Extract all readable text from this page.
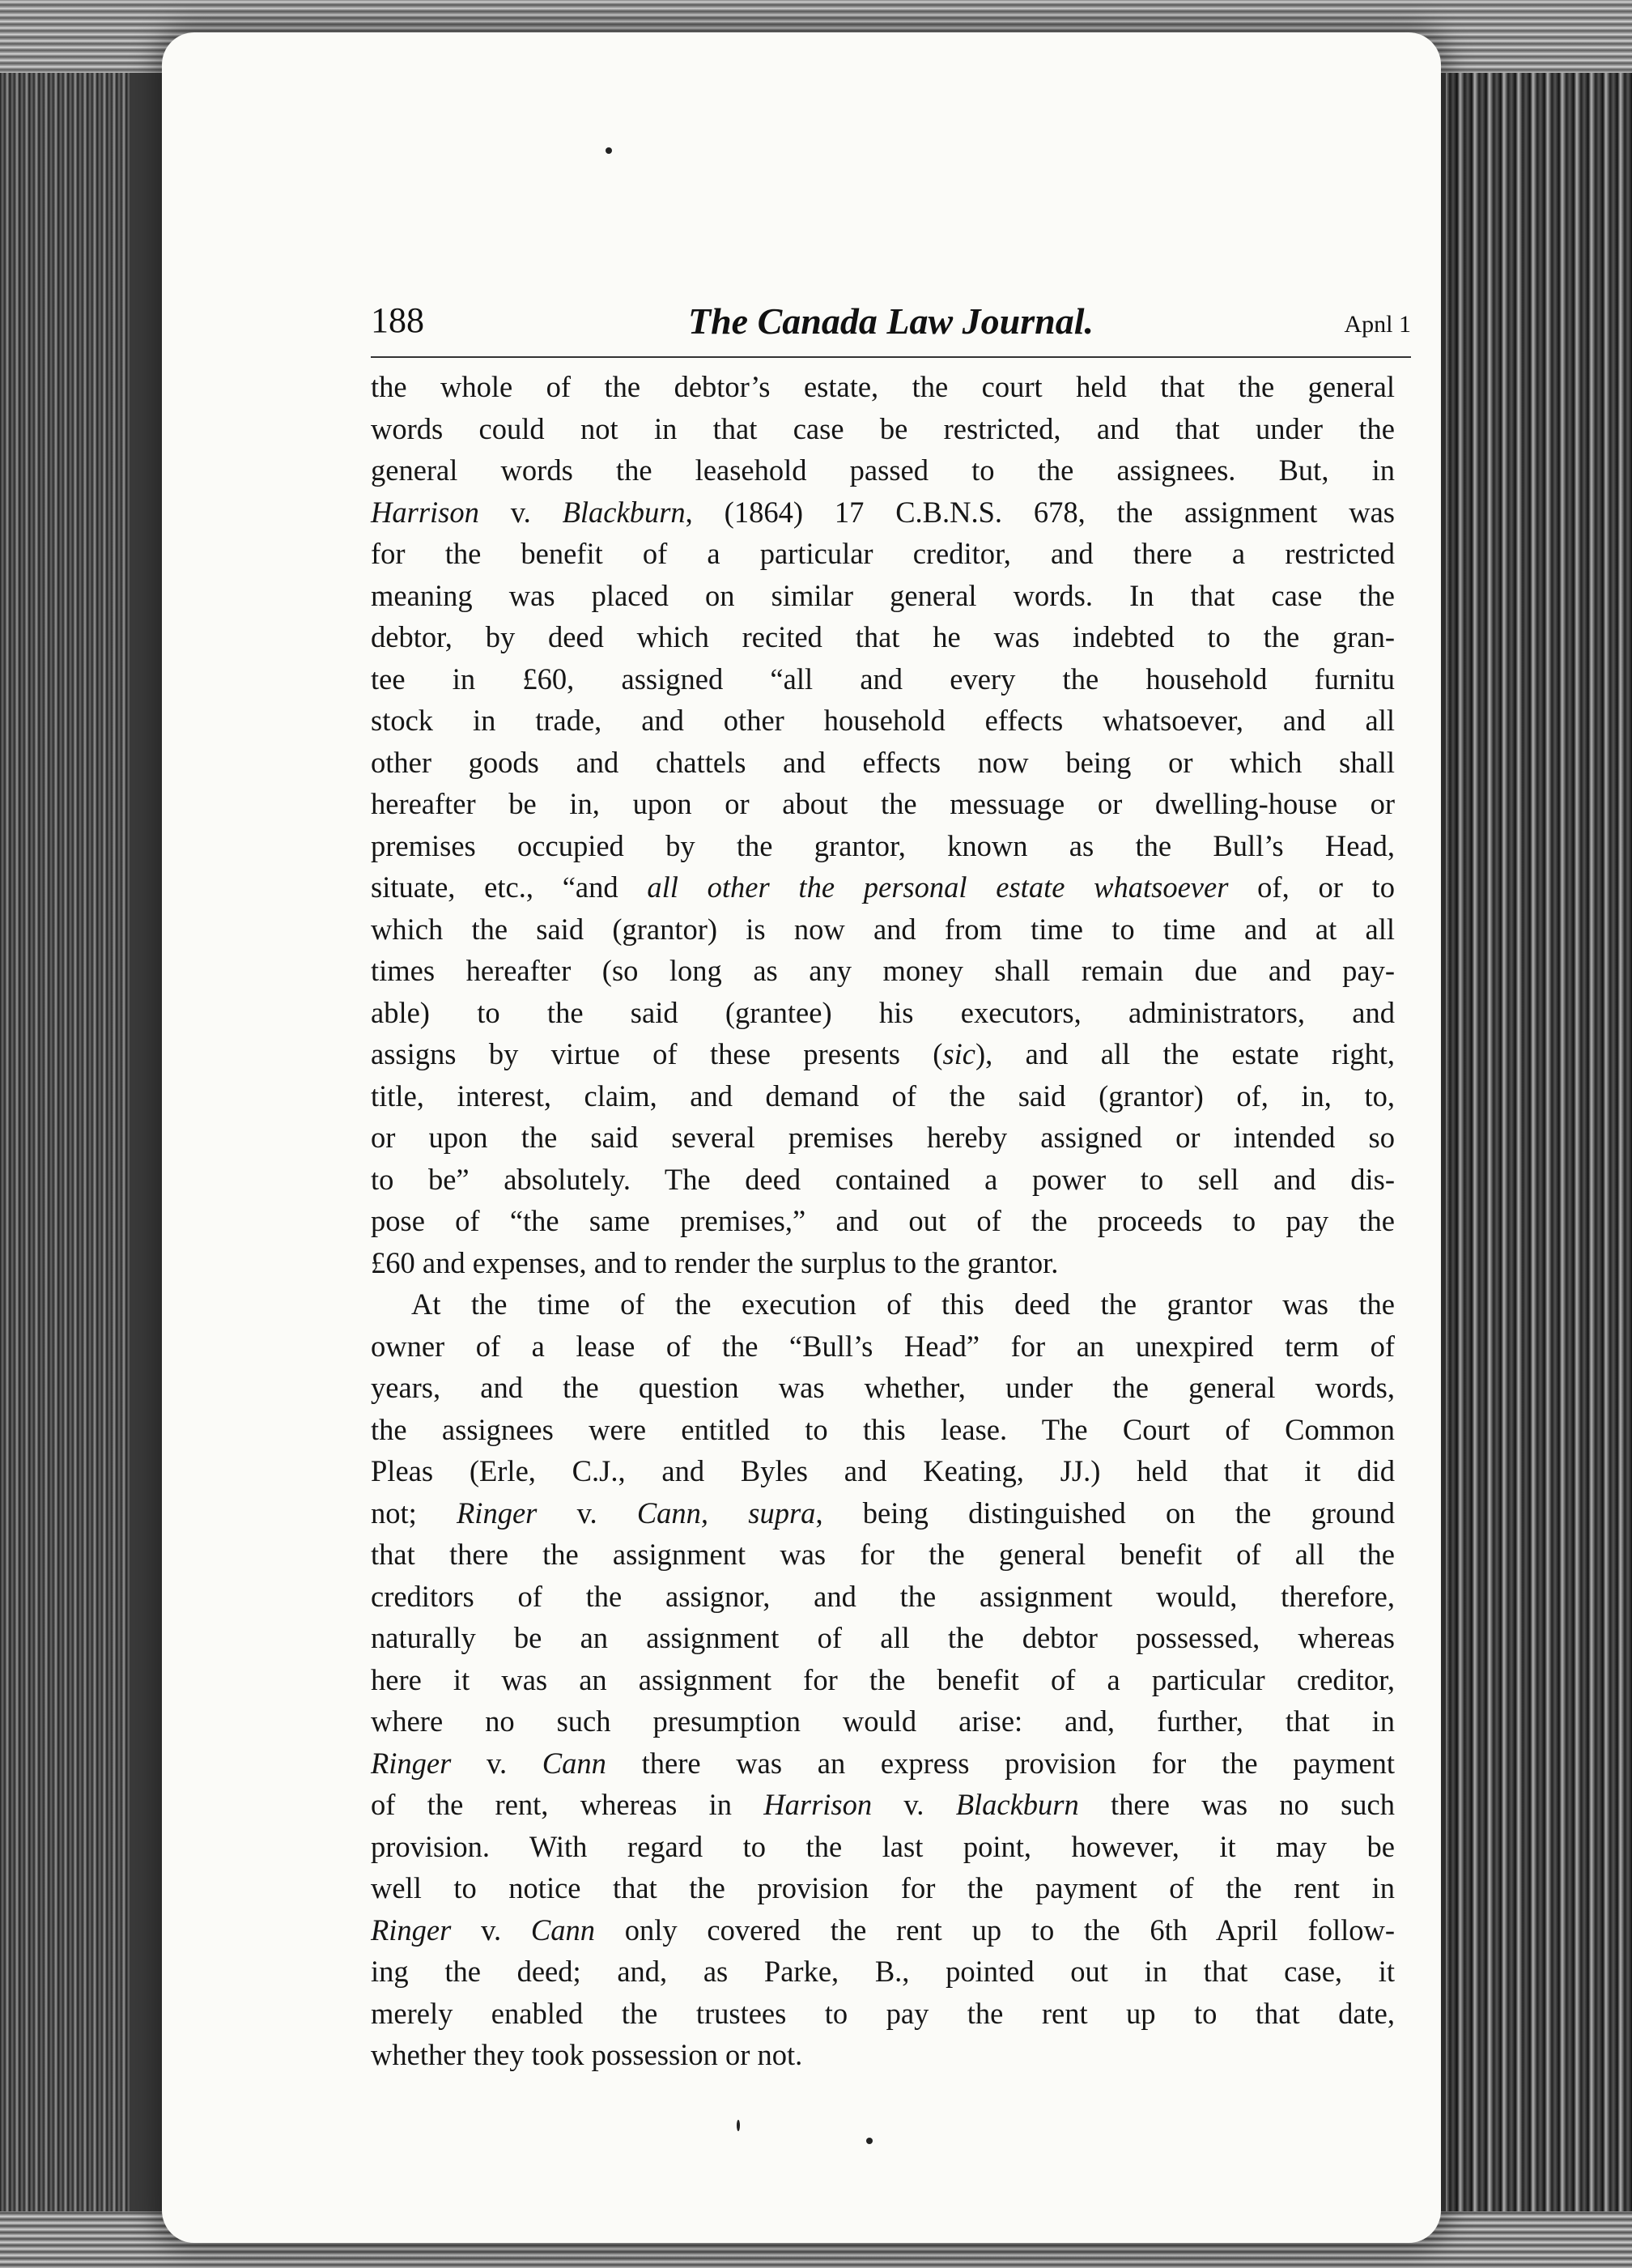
188	The Canada Law Journal.	Apnl 1
the whole of the debtor’s estate, the court held that the general
words could not in that case be restricted, and that under the
general words the leasehold passed to the assignees. But, in
Harrison v. Blackburn, (1864) 17 C.B.N.S. 678, the assignment was
for the benefit of a particular creditor, and there a restricted
meaning was placed on similar general words. In that case the
debtor, by deed which recited that he was indebted to the gran-
tee in £60, assigned “all and every the household furnitu
stock in trade, and other household effects whatsoever, and all
other goods and chattels and effects now being or which shall
hereafter be in, upon or about the messuage or dwelling-house or
premises occupied by the grantor, known as the Bull’s Head,
situate, etc., “and all other the personal estate whatsoever of, or to
which the said (grantor) is now and from time to time and at all
times hereafter (so long as any money shall remain due and pay-
able) to the said (grantee) his executors, administrators, and
assigns by virtue of these presents (sic), and all the estate right,
title, interest, claim, and demand of the said (grantor) of, in, to,
or upon the said several premises hereby assigned or intended so
to be” absolutely. The deed contained a power to sell and dis-
pose of “the same premises,” and out of the proceeds to pay the
£60 and expenses, and to render the surplus to the grantor.
At the time of the execution of this deed the grantor was the
owner of a lease of the “Bull’s Head” for an unexpired term of
years, and the question was whether, under the general words,
the assignees were entitled to this lease. The Court of Common
Pleas (Erle, C.J., and Byles and Keating, JJ.) held that it did
not; Ringer v. Cann, supra, being distinguished on the ground
that there the assignment was for the general benefit of all the
creditors of the assignor, and the assignment would, therefore,
naturally be an assignment of all the debtor possessed, whereas
here it was an assignment for the benefit of a particular creditor,
where no such presumption would arise: and, further, that in
Ringer v. Cann there was an express provision for the payment
of the rent, whereas in Harrison v. Blackburn there was no such
provision. With regard to the last point, however, it may be
well to notice that the provision for the payment of the rent in
Ringer v. Cann only covered the rent up to the 6th April follow-
ing the deed; and, as Parke, B., pointed out in that case, it
merely enabled the trustees to pay the rent up to that date,
whether they took possession or not.
